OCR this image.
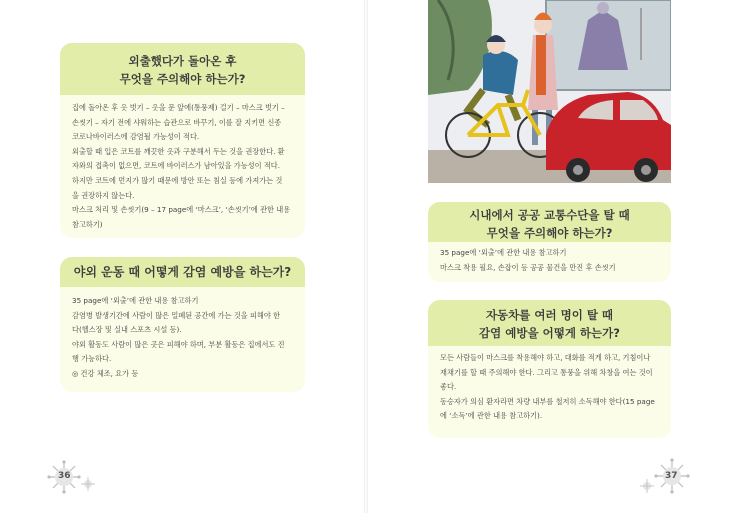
외출했다가 돌아온 후
무엇을 주의해야 하는가?

집에 돌아온 후 옷 벗기 – 옷을 문 앞에(통풍제) 걸기 – 마스크 벗기 –

손씻기 – 자기 전에 샤워하는 습관으로 바꾸기, 이를 잘 지키면 신종

코로나바이러스에 감염될 가능성이 적다.

외출할 때 입은 코트를 깨끗한 옷과 구분해서 두는 것을 권장한다. 환

자와의 접촉이 없으면, 코트에 바이러스가 남아있을 가능성이 적다.

하지만 코트에 먼지가 많기 때문에 방안 또는 침실 등에 가져가는 것

을 권장하지 않는다.

마스크 처리 및 손씻기(9 – 17 page에 ‘마스크’, ‘손씻기’에 관한 내용

참고하기)

야외 운동 때 어떻게 감염 예방을 하는가?

35 page에 ‘외출’에 관한 내용 참고하기

감염병 발생기간에 사람이 많은 밀폐된 공간에 가는 것을 피해야 한

다(헬스장 및 실내 스포츠 시설 등).

야외 활동도 사람이 많은 곳은 피해야 하며, 부분 활동은 집에서도 진

행 가능하다.

◎ 건강 체조, 요가 등

36
시내에서 공공 교통수단을 탈 때
무엇을 주의해야 하는가?

35 page에 ‘외출’에 관한 내용 참고하기

마스크 착용 필요, 손잡이 등 공공 물건을 만진 후 손씻기

자동차를 여러 명이 탈 때
감염 예방을 어떻게 하는가?

모든 사람들이 마스크를 착용해야 하고, 대화를 적게 하고, 기침이나

재채기를 할 때 주의해야 한다. 그리고 통풍을 위해 차창을 여는 것이

좋다.

동승자가 의심 환자라면 차량 내부를 철저히 소독해야 한다(15 page

에 ‘소독’에 관한 내용 참고하기).

37
